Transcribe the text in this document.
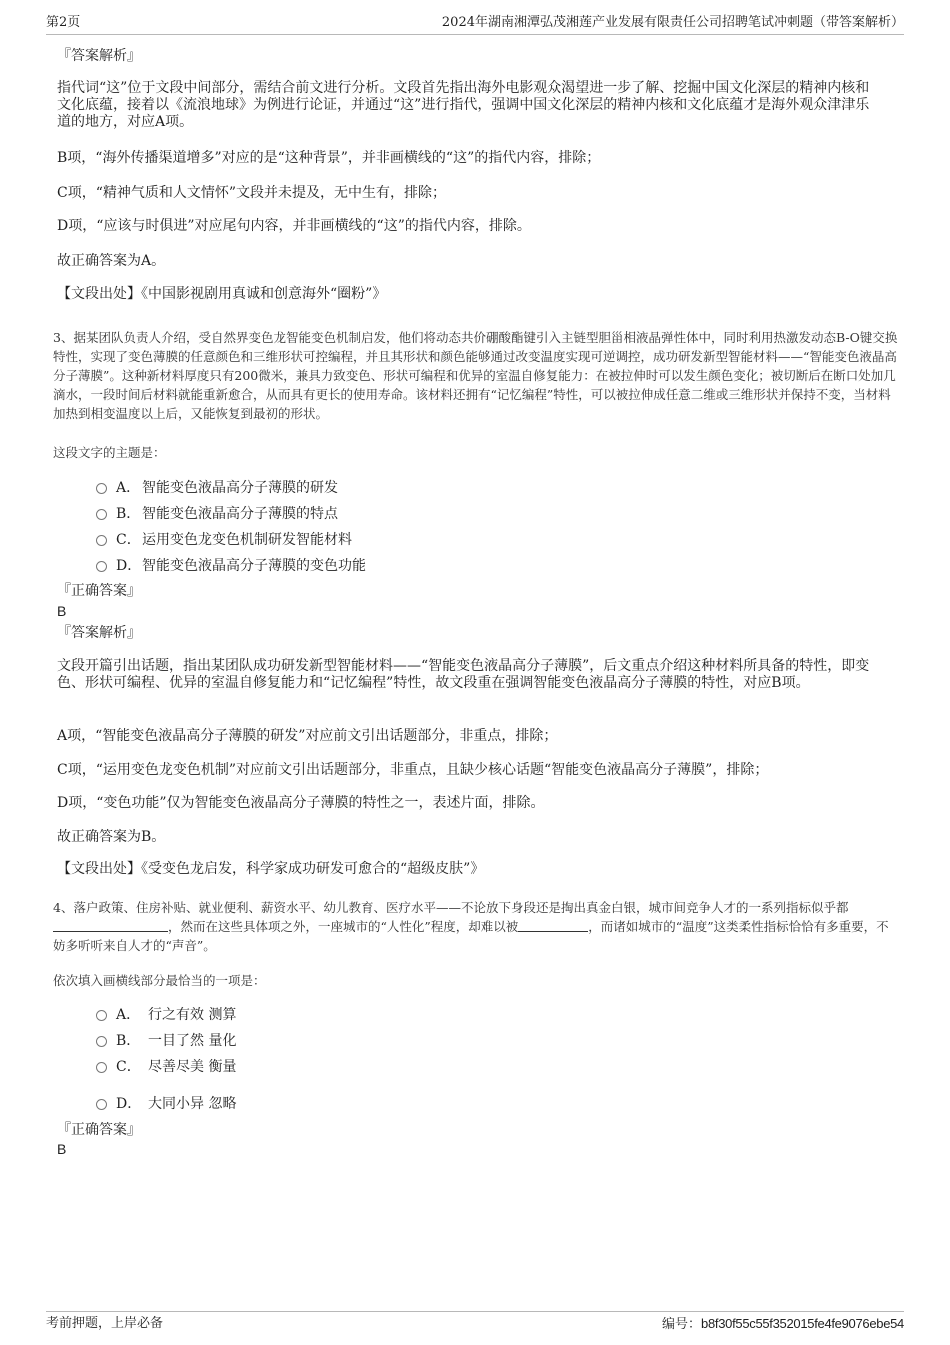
第2页	2024年湖南湘潭弘茂湘莲产业发展有限责任公司招聘笔试冲刺题（带答案解析）
『答案解析』
指代词“这”位于文段中间部分，需结合前文进行分析。文段首先指出海外电影观众渴望进一步了解、挖掘中国文化深层的精神内核和文化底蕴，接着以《流浪地球》为例进行论证，并通过“这”进行指代，强调中国文化深层的精神内核和文化底蕴才是海外观众津津乐道的地方，对应A项。
B项，“海外传播渠道增多”对应的是“这种背景”，并非画横线的“这”的指代内容，排除；
C项，“精神气质和人文情怀”文段并未提及，无中生有，排除；
D项，“应该与时俱进”对应尾句内容，并非画横线的“这”的指代内容，排除。
故正确答案为A。
【文段出处】《中国影视剧用真诚和创意海外“圈粉”》
3、据某团队负责人介绍，受自然界变色龙智能变色机制启发，他们将动态共价硼酸酯键引入主链型胆甾相液晶弹性体中，同时利用热激发动态B-O键交换特性，实现了变色薄膜的任意颜色和三维形状可控编程，并且其形状和颜色能够通过改变温度实现可逆调控，成功研发新型智能材料——“智能变色液晶高分子薄膜”。这种新材料厚度只有200微米，兼具力致变色、形状可编程和优异的室温自修复能力：在被拉伸时可以发生颜色变化；被切断后在断口处加几滴水，一段时间后材料就能重新愈合，从而具有更长的使用寿命。该材料还拥有“记忆编程”特性，可以被拉伸成任意二维或三维形状并保持不变，当材料加热到相变温度以上后，又能恢复到最初的形状。
这段文字的主题是：
A． 智能变色液晶高分子薄膜的研发
B． 智能变色液晶高分子薄膜的特点
C．运用变色龙变色机制研发智能材料
D．智能变色液晶高分子薄膜的变色功能
『正确答案』
B
『答案解析』
文段开篇引出话题，指出某团队成功研发新型智能材料——“智能变色液晶高分子薄膜”，后文重点介绍这种材料所具备的特性，即变色、形状可编程、优异的室温自修复能力和“记忆编程”特性，故文段重在强调智能变色液晶高分子薄膜的特性，对应B项。
A项，“智能变色液晶高分子薄膜的研发”对应前文引出话题部分，非重点，排除；
C项，“运用变色龙变色机制”对应前文引出话题部分，非重点，且缺少核心话题“智能变色液晶高分子薄膜”，排除；
D项，“变色功能”仅为智能变色液晶高分子薄膜的特性之一，表述片面，排除。
故正确答案为B。
【文段出处】《受变色龙启发，科学家成功研发可愈合的“超级皮肤”》
4、落户政策、住房补贴、就业便利、薪资水平、幼儿教育、医疗水平——不论放下身段还是掏出真金白银，城市间竞争人才的一系列指标似乎都，然而在这些具体项之外，一座城市的“人性化”程度，却难以被	，而诸如城市的“温度”这类柔性指标恰恰有多重要，不妨多听听来自人才的“声音”。
依次填入画横线部分最恰当的一项是：
A． 行之有效 测算
B． 一目了然 量化
C． 尽善尽美 衡量
D． 大同小异 忽略
『正确答案』
B
考前押题，上岸必备	编号：b8f30f55c55f352015fe4fe9076ebe54
